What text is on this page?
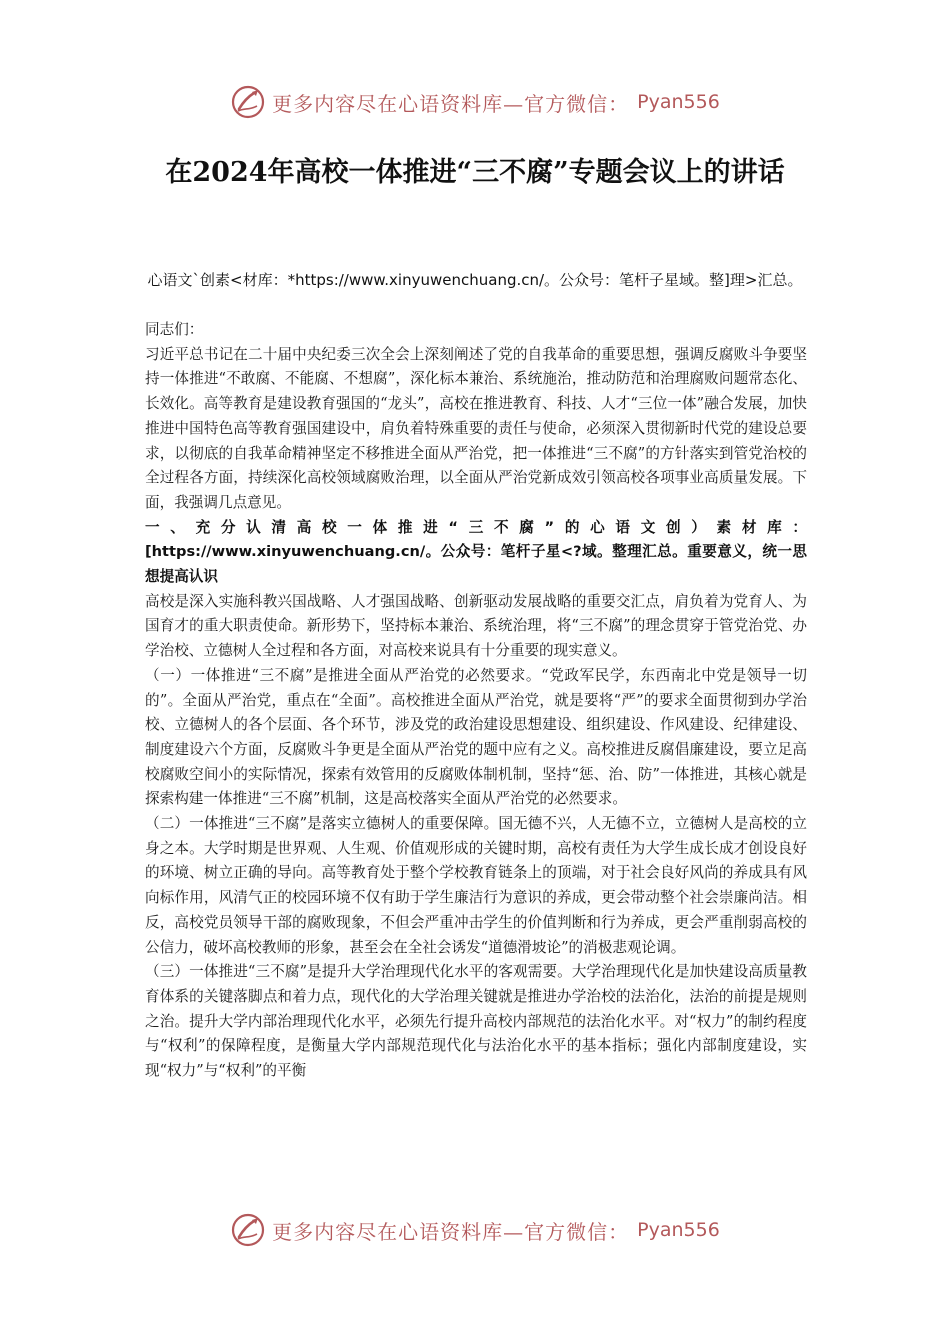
更多内容尽在心语资料库—官方微信： Pyan556
在2024年高校一体推进“三不腐”专题会议上的讲话
心语文`创素<材库：*https://www.xinyuwenchuang.cn/。公众号：笔杆子星域。整]理>汇总。

同志们：

习近平总书记在二十届中央纪委三次全会上深刻阐述了党的自我革命的重要思想，强调反腐败斗争要坚持一体推进“不敢腐、不能腐、不想腐”，深化标本兼治、系统施治，推动防范和治理腐败问题常态化、长效化。高等教育是建设教育强国的“龙头”，高校在推进教育、科技、人才“三位一体”融合发展，加快推进中国特色高等教育强国建设中，肩负着特殊重要的责任与使命，必须深入贯彻新时代党的建设总要求，以彻底的自我革命精神坚定不移推进全面从严治党，把一体推进“三不腐”的方针落实到管党治校的全过程各方面，持续深化高校领域腐败治理，以全面从严治党新成效引领高校各项事业高质量发展。下面，我强调几点意见。

一、充分认清高校一体推进“三不腐”的心语文创）素材库：[https://www.xinyuwenchuang.cn/。公众号：笔杆子星<?域。整理汇总。重要意义，统一思想提高认识

高校是深入实施科教兴国战略、人才强国战略、创新驱动发展战略的重要交汇点，肩负着为党育人、为国育才的重大职责使命。新形势下，坚持标本兼治、系统治理，将“三不腐”的理念贯穿于管党治党、办学治校、立德树人全过程和各方面，对高校来说具有十分重要的现实意义。

（一）一体推进“三不腐”是推进全面从严治党的必然要求。“党政军民学，东西南北中党是领导一切的”。全面从严治党，重点在“全面”。高校推进全面从严治党，就是要将“严”的要求全面贯彻到办学治校、立德树人的各个层面、各个环节，涉及党的政治建设思想建设、组织建设、作风建设、纪律建设、制度建设六个方面，反腐败斗争更是全面从严治党的题中应有之义。高校推进反腐倡廉建设，要立足高校腐败空间小的实际情况，探索有效管用的反腐败体制机制，坚持“惩、治、防”一体推进，其核心就是探索构建一体推进“三不腐”机制，这是高校落实全面从严治党的必然要求。

（二）一体推进“三不腐”是落实立德树人的重要保障。国无德不兴，人无德不立，立德树人是高校的立身之本。大学时期是世界观、人生观、价值观形成的关键时期，高校有责任为大学生成长成才创设良好的环境、树立正确的导向。高等教育处于整个学校教育链条上的顶端，对于社会良好风尚的养成具有风向标作用，风清气正的校园环境不仅有助于学生廉洁行为意识的养成，更会带动整个社会崇廉尚洁。相反，高校党员领导干部的腐败现象，不但会严重冲击学生的价值判断和行为养成，更会严重削弱高校的公信力，破坏高校教师的形象，甚至会在全社会诱发“道德滑坡论”的消极悲观论调。

（三）一体推进“三不腐”是提升大学治理现代化水平的客观需要。大学治理现代化是加快建设高质量教育体系的关键落脚点和着力点，现代化的大学治理关键就是推进办学治校的法治化，法治的前提是规则之治。提升大学内部治理现代化水平，必须先行提升高校内部规范的法治化水平。对“权力”的制约程度与“权利”的保障程度，是衡量大学内部规范现代化与法治化水平的基本指标；强化内部制度建设，实现“权力”与“权利”的平衡

更多内容尽在心语资料库—官方微信： Pyan556
